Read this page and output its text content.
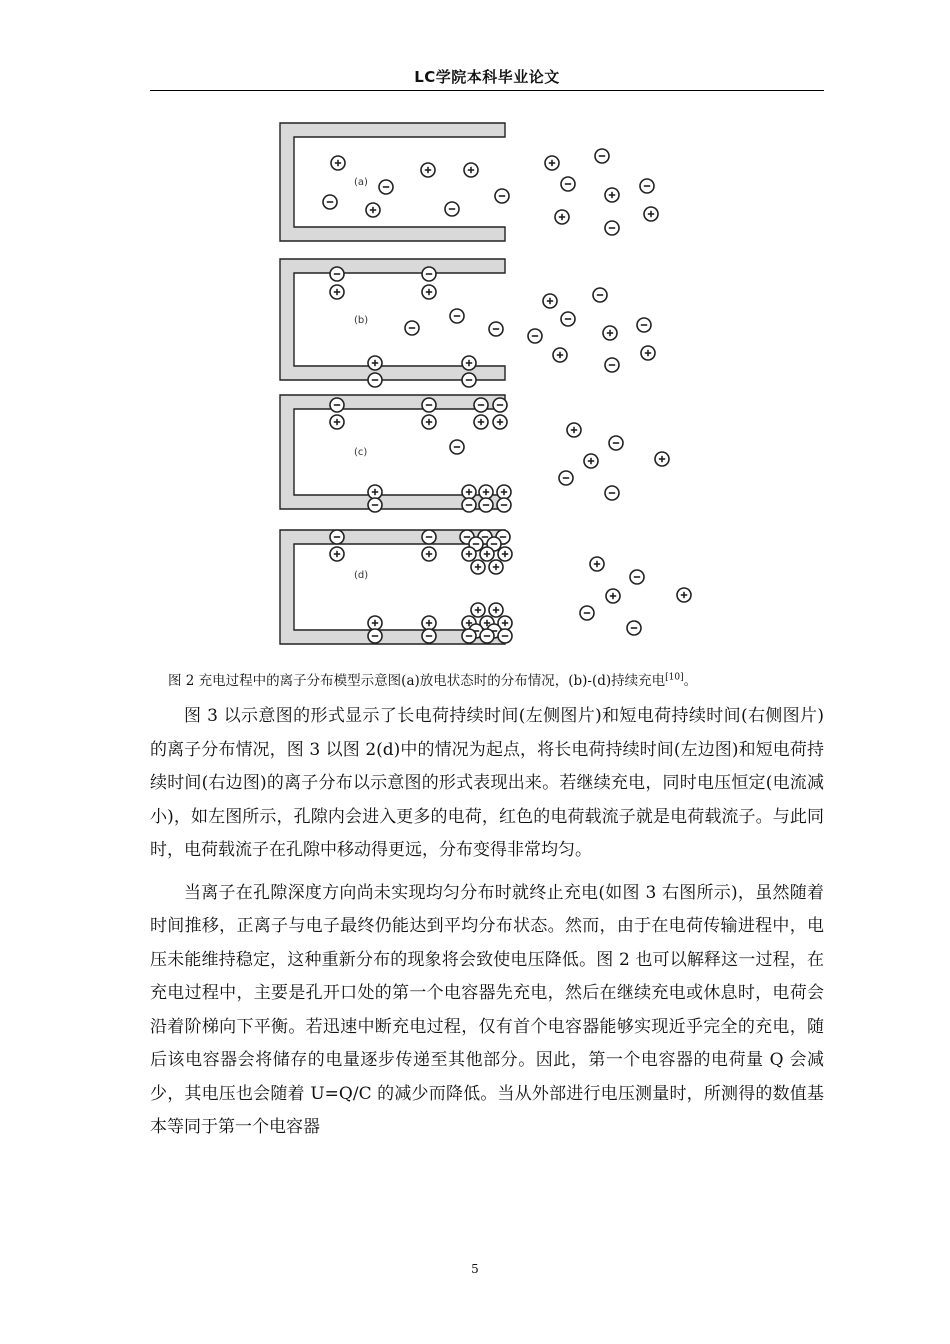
LC学院本科毕业论文
(a)
(b)
(c)
(d)
图 2 充电过程中的离子分布模型示意图(a)放电状态时的分布情况，(b)-(d)持续充电[10]。

图 3 以示意图的形式显示了长电荷持续时间(左侧图片)和短电荷持续时间(右侧图片)的离子分布情况，图 3 以图 2(d)中的情况为起点，将长电荷持续时间(左边图)和短电荷持续时间(右边图)的离子分布以示意图的形式表现出来。若继续充电，同时电压恒定(电流减小)，如左图所示，孔隙内会进入更多的电荷，红色的电荷载流子就是电荷载流子。与此同时，电荷载流子在孔隙中移动得更远，分布变得非常均匀。

当离子在孔隙深度方向尚未实现均匀分布时就终止充电(如图 3 右图所示)，虽然随着时间推移，正离子与电子最终仍能达到平均分布状态。然而，由于在电荷传输进程中，电压未能维持稳定，这种重新分布的现象将会致使电压降低。图 2 也可以解释这一过程，在充电过程中，主要是孔开口处的第一个电容器先充电，然后在继续充电或休息时，电荷会沿着阶梯向下平衡。若迅速中断充电过程，仅有首个电容器能够实现近乎完全的充电，随后该电容器会将储存的电量逐步传递至其他部分。因此，第一个电容器的电荷量 Q 会减少，其电压也会随着 U=Q/C 的减少而降低。当从外部进行电压测量时，所测得的数值基本等同于第一个电容器

5
